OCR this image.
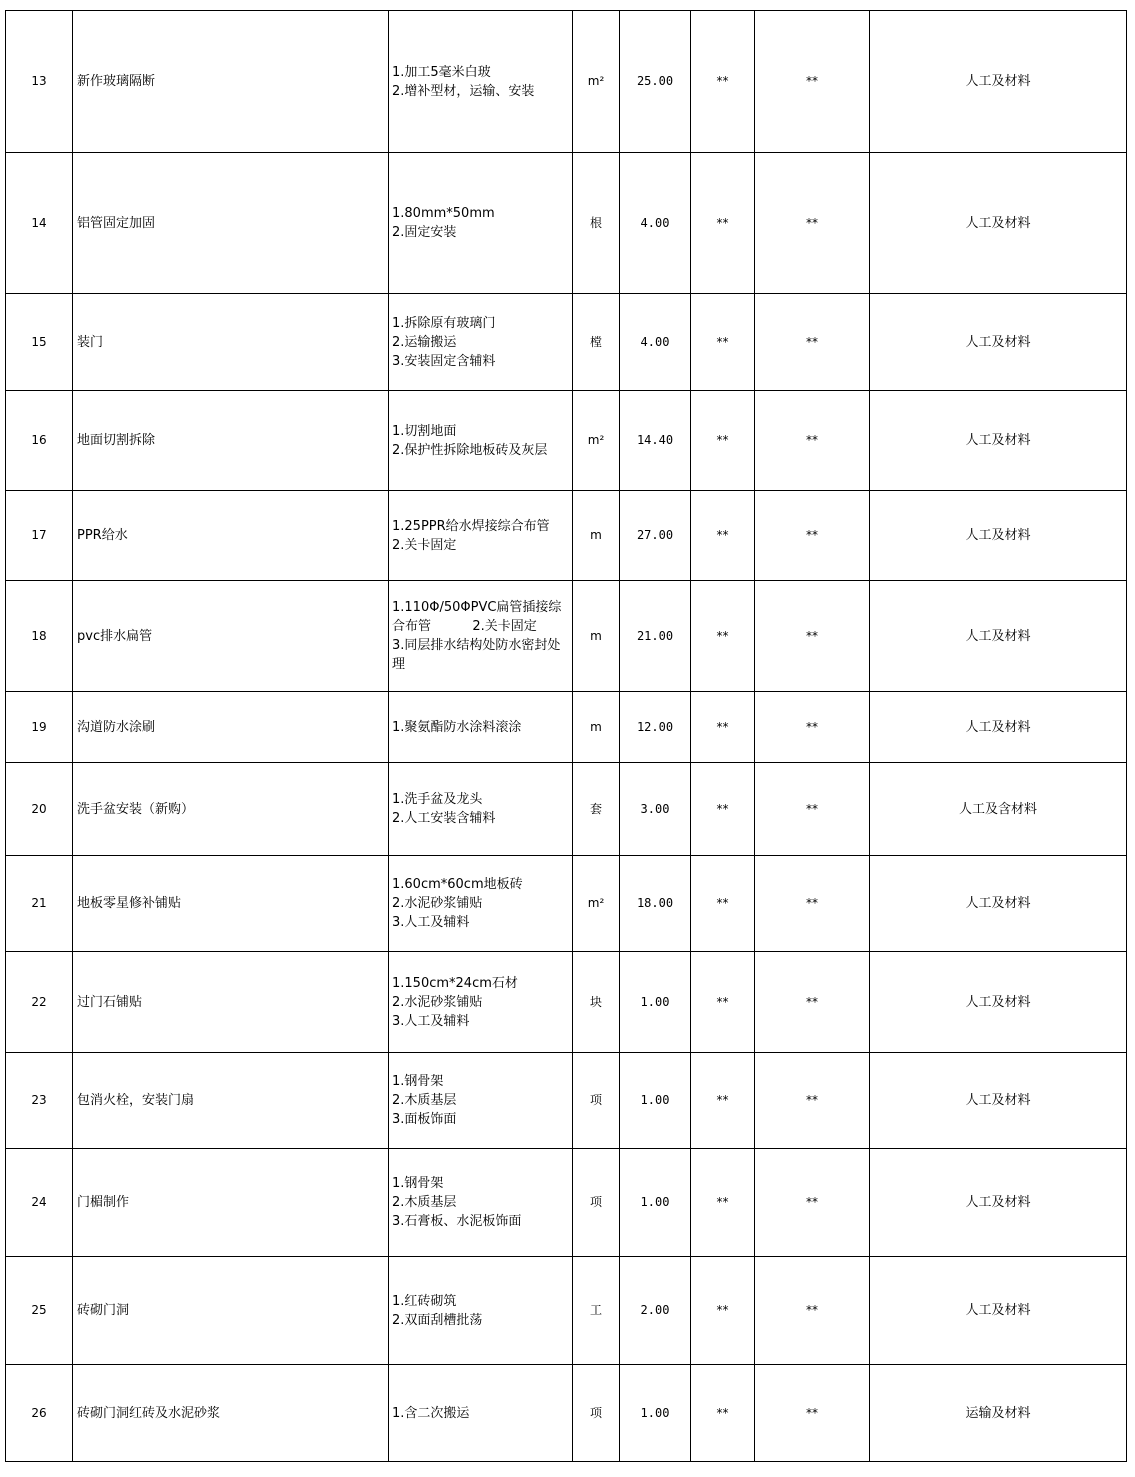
13	新作玻璃隔断	1.加工5毫米白玻
2.增补型材，运输、安装	m²	25.00	**	**	人工及材料
14	铝管固定加固	1.80mm*50mm
2.固定安装	根	4.00	**	**	人工及材料
15	装门	1.拆除原有玻璃门
2.运输搬运
3.安装固定含辅料	樘	4.00	**	**	人工及材料
16	地面切割拆除	1.切割地面
2.保护性拆除地板砖及灰层	m²	14.40	**	**	人工及材料
17	PPR给水	1.25PPR给水焊接综合布管
2.关卡固定	m	27.00	**	**	人工及材料
18	pvc排水扁管	1.110Φ/50ΦPVC扁管插接综合布管          2.关卡固定
3.同层排水结构处防水密封处理	m	21.00	**	**	人工及材料
19	沟道防水涂刷	1.聚氨酯防水涂料滚涂	m	12.00	**	**	人工及材料
20	洗手盆安装（新购）	1.洗手盆及龙头
2.人工安装含辅料	套	3.00	**	**	人工及含材料
21	地板零星修补铺贴	1.60cm*60cm地板砖
2.水泥砂浆铺贴
3.人工及辅料	m²	18.00	**	**	人工及材料
22	过门石铺贴	1.150cm*24cm石材
2.水泥砂浆铺贴
3.人工及辅料	块	1.00	**	**	人工及材料
23	包消火栓，安装门扇	1.钢骨架
2.木质基层
3.面板饰面	项	1.00	**	**	人工及材料
24	门楣制作	1.钢骨架
2.木质基层
3.石膏板、水泥板饰面	项	1.00	**	**	人工及材料
25	砖砌门洞	1.红砖砌筑
2.双面刮槽批荡	工	2.00	**	**	人工及材料
26	砖砌门洞红砖及水泥砂浆	1.含二次搬运	项	1.00	**	**	运输及材料
